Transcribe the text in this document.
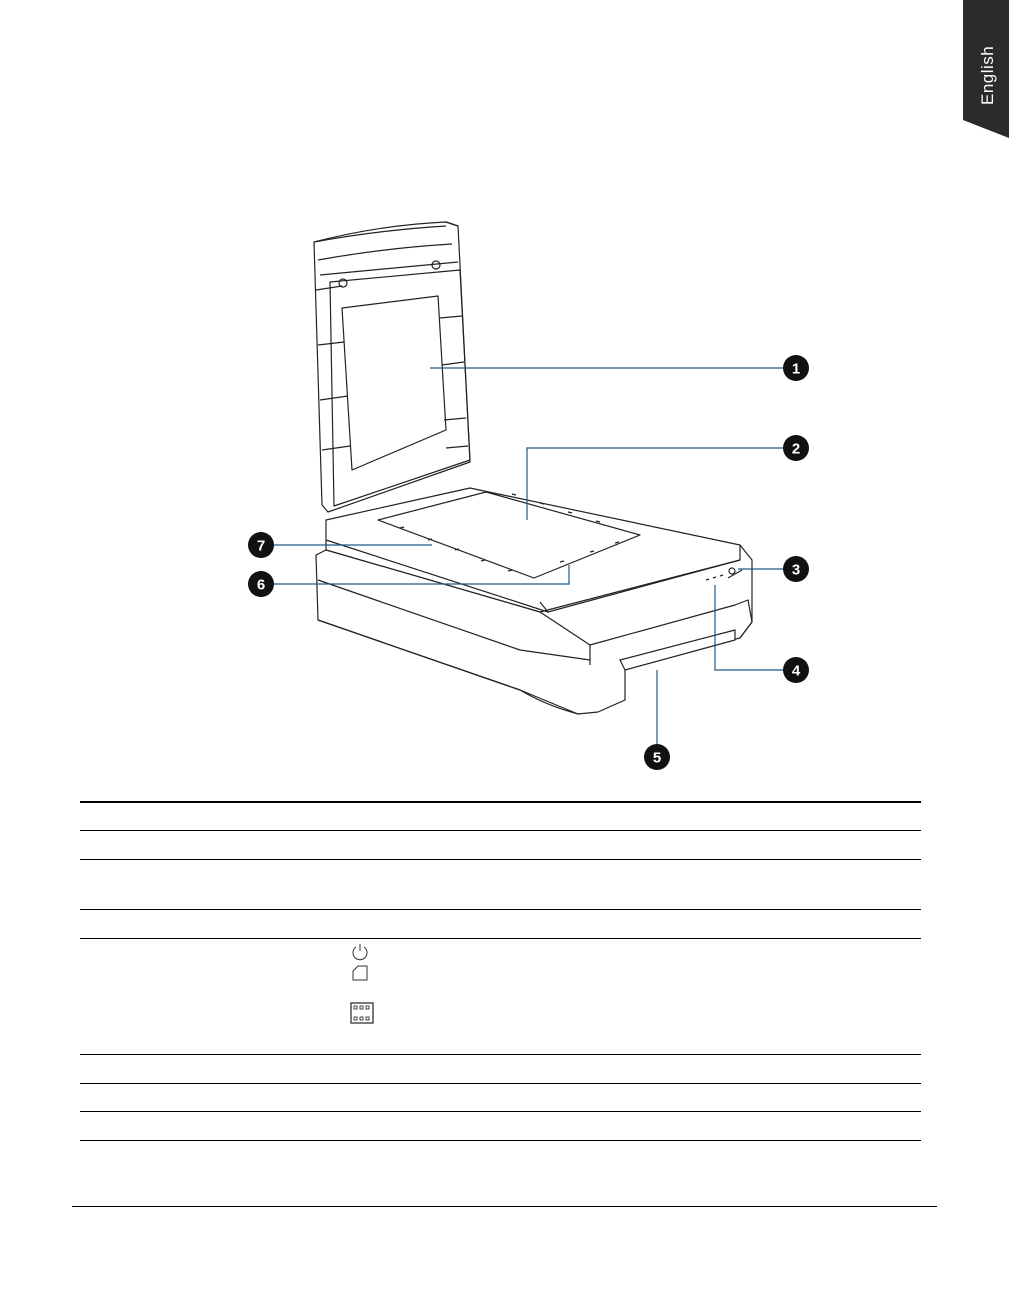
English
1
2
3
4
5
6
7
